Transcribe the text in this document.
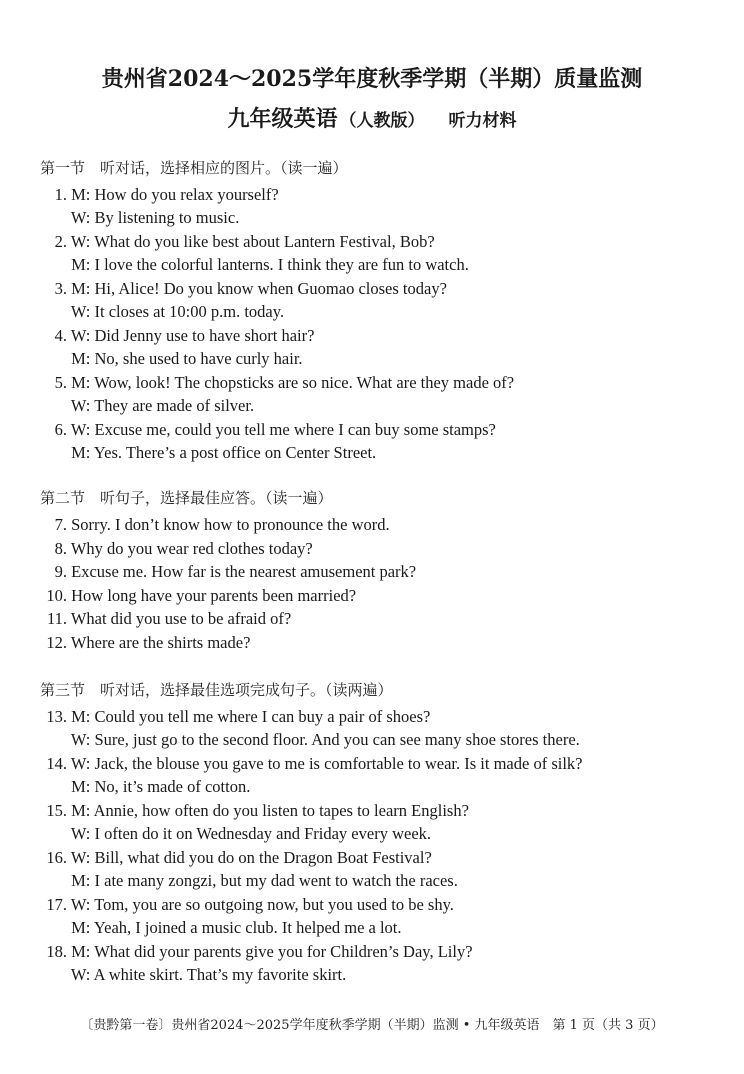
贵州省2024～2025学年度秋季学期（半期）质量监测
九年级英语 （人教版） 听力材料
第一节　听对话，选择相应的图片。（读一遍）
1. M: How do you relax yourself?
W: By listening to music.
2. W: What do you like best about Lantern Festival, Bob?
M: I love the colorful lanterns. I think they are fun to watch.
3. M: Hi, Alice! Do you know when Guomao closes today?
W: It closes at 10:00 p.m. today.
4. W: Did Jenny use to have short hair?
M: No, she used to have curly hair.
5. M: Wow, look! The chopsticks are so nice. What are they made of?
W: They are made of silver.
6. W: Excuse me, could you tell me where I can buy some stamps?
M: Yes. There’s a post office on Center Street.
第二节　听句子，选择最佳应答。（读一遍）
7. Sorry. I don’t know how to pronounce the word.
8. Why do you wear red clothes today?
9. Excuse me. How far is the nearest amusement park?
10. How long have your parents been married?
11. What did you use to be afraid of?
12. Where are the shirts made?
第三节　听对话，选择最佳选项完成句子。（读两遍）
13. M: Could you tell me where I can buy a pair of shoes?
W: Sure, just go to the second floor. And you can see many shoe stores there.
14. W: Jack, the blouse you gave to me is comfortable to wear. Is it made of silk?
M: No, it’s made of cotton.
15. M: Annie, how often do you listen to tapes to learn English?
W: I often do it on Wednesday and Friday every week.
16. W: Bill, what did you do on the Dragon Boat Festival?
M: I ate many zongzi, but my dad went to watch the races.
17. W: Tom, you are so outgoing now, but you used to be shy.
M: Yeah, I joined a music club. It helped me a lot.
18. M: What did your parents give you for Children’s Day, Lily?
W: A white skirt. That’s my favorite skirt.
〔贵黔第一卷〕贵州省2024～2025学年度秋季学期（半期）监测 • 九年级英语　第 1 页（共 3 页）
